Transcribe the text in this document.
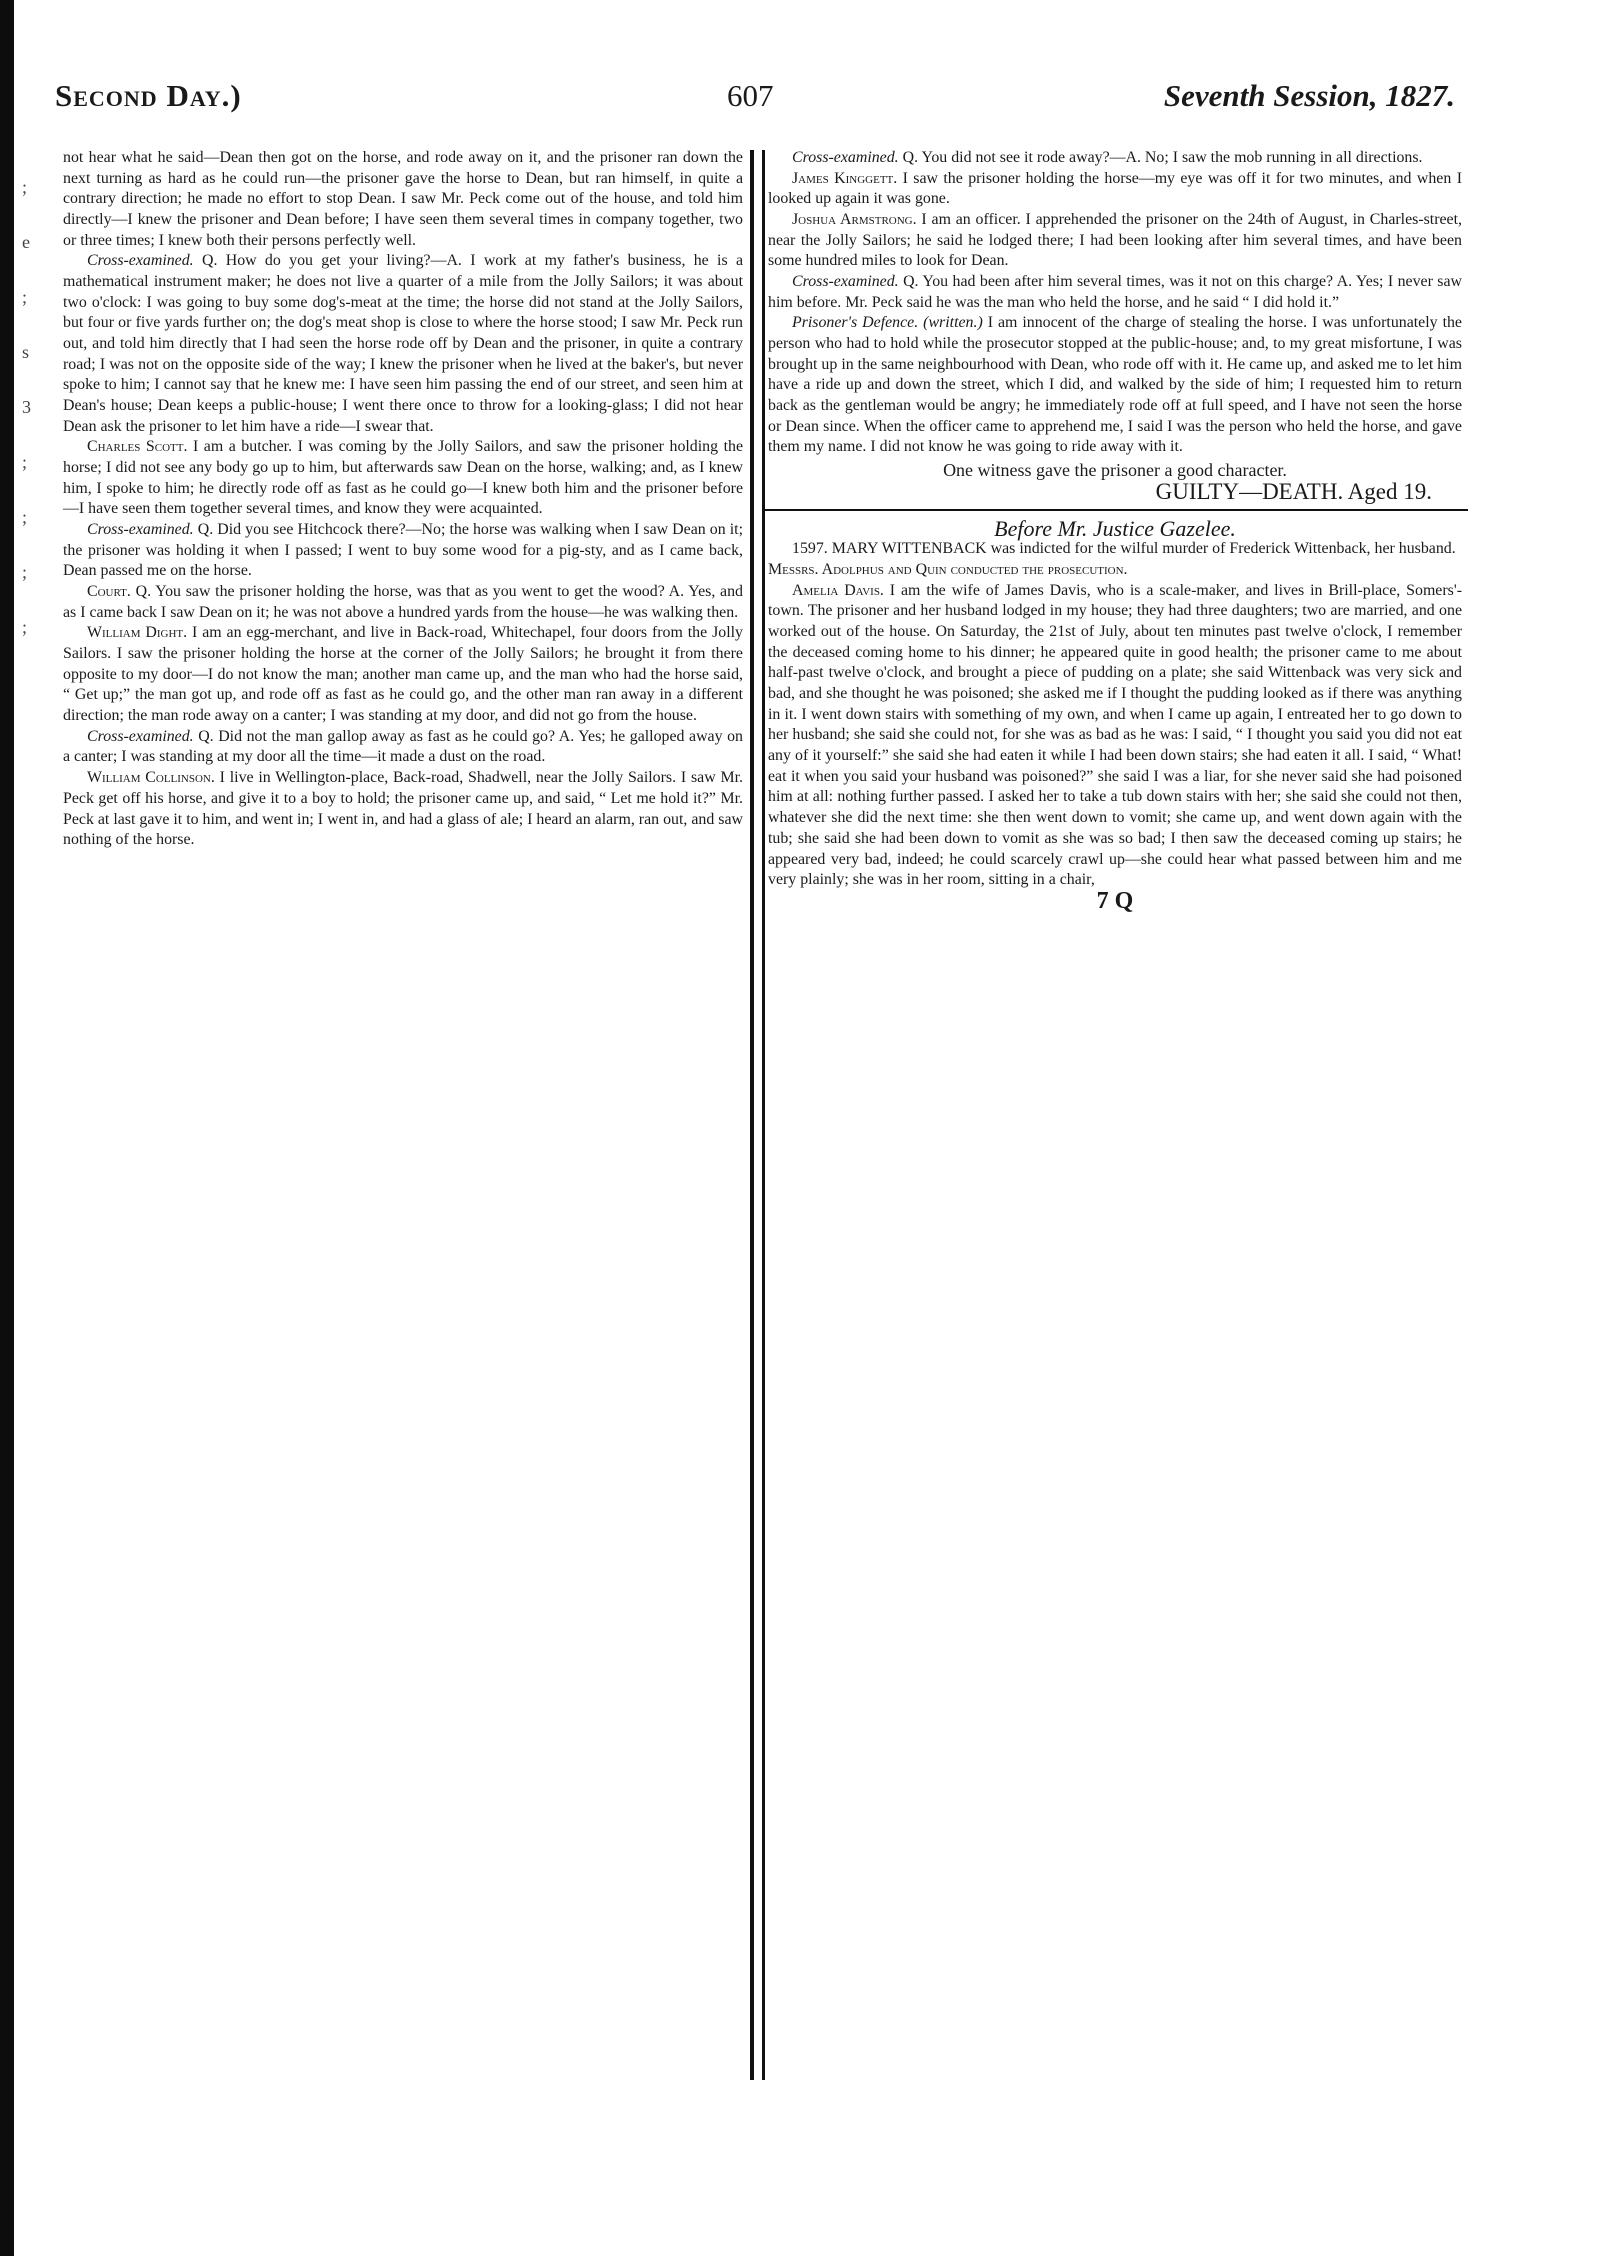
;
e
;
s
3
;
;
;
;
Second Day.)	607	Seventh Session, 1827.

not hear what he said—Dean then got on the horse, and rode away on it, and the prisoner ran down the next turning as hard as he could run—the prisoner gave the horse to Dean, but ran himself, in quite a contrary direction; he made no effort to stop Dean. I saw Mr. Peck come out of the house, and told him directly—I knew the prisoner and Dean before; I have seen them several times in company together, two or three times; I knew both their persons perfectly well.

Cross-examined. Q. How do you get your living?—A. I work at my father's business, he is a mathematical instrument maker; he does not live a quarter of a mile from the Jolly Sailors; it was about two o'clock: I was going to buy some dog's-meat at the time; the horse did not stand at the Jolly Sailors, but four or five yards further on; the dog's meat shop is close to where the horse stood; I saw Mr. Peck run out, and told him directly that I had seen the horse rode off by Dean and the prisoner, in quite a contrary road; I was not on the opposite side of the way; I knew the prisoner when he lived at the baker's, but never spoke to him; I cannot say that he knew me: I have seen him passing the end of our street, and seen him at Dean's house; Dean keeps a public-house; I went there once to throw for a looking-glass; I did not hear Dean ask the prisoner to let him have a ride—I swear that.

Charles Scott. I am a butcher. I was coming by the Jolly Sailors, and saw the prisoner holding the horse; I did not see any body go up to him, but afterwards saw Dean on the horse, walking; and, as I knew him, I spoke to him; he directly rode off as fast as he could go—I knew both him and the prisoner before—I have seen them together several times, and know they were acquainted.

Cross-examined. Q. Did you see Hitchcock there?—No; the horse was walking when I saw Dean on it; the prisoner was holding it when I passed; I went to buy some wood for a pig-sty, and as I came back, Dean passed me on the horse.

Court. Q. You saw the prisoner holding the horse, was that as you went to get the wood? A. Yes, and as I came back I saw Dean on it; he was not above a hundred yards from the house—he was walking then.

William Dight. I am an egg-merchant, and live in Back-road, Whitechapel, four doors from the Jolly Sailors. I saw the prisoner holding the horse at the corner of the Jolly Sailors; he brought it from there opposite to my door—I do not know the man; another man came up, and the man who had the horse said, “ Get up;” the man got up, and rode off as fast as he could go, and the other man ran away in a different direction; the man rode away on a canter; I was standing at my door, and did not go from the house.

Cross-examined. Q. Did not the man gallop away as fast as he could go? A. Yes; he galloped away on a canter; I was standing at my door all the time—it made a dust on the road.

William Collinson. I live in Wellington-place, Back-road, Shadwell, near the Jolly Sailors. I saw Mr. Peck get off his horse, and give it to a boy to hold; the prisoner came up, and said, “ Let me hold it?” Mr. Peck at last gave it to him, and went in; I went in, and had a glass of ale; I heard an alarm, ran out, and saw nothing of the horse.

Cross-examined. Q. You did not see it rode away?—A. No; I saw the mob running in all directions.

James Kinggett. I saw the prisoner holding the horse—my eye was off it for two minutes, and when I looked up again it was gone.

Joshua Armstrong. I am an officer. I apprehended the prisoner on the 24th of August, in Charles-street, near the Jolly Sailors; he said he lodged there; I had been looking after him several times, and have been some hundred miles to look for Dean.

Cross-examined. Q. You had been after him several times, was it not on this charge? A. Yes; I never saw him before. Mr. Peck said he was the man who held the horse, and he said “ I did hold it.”

Prisoner's Defence. (written.) I am innocent of the charge of stealing the horse. I was unfortunately the person who had to hold while the prosecutor stopped at the public-house; and, to my great misfortune, I was brought up in the same neighbourhood with Dean, who rode off with it. He came up, and asked me to let him have a ride up and down the street, which I did, and walked by the side of him; I requested him to return back as the gentleman would be angry; he immediately rode off at full speed, and I have not seen the horse or Dean since. When the officer came to apprehend me, I said I was the person who held the horse, and gave them my name. I did not know he was going to ride away with it.

One witness gave the prisoner a good character.

GUILTY—DEATH. Aged 19.

Before Mr. Justice Gazelee.

1597. MARY WITTENBACK was indicted for the wilful murder of Frederick Wittenback, her husband.

Messrs. Adolphus and Quin conducted the prosecution.

Amelia Davis. I am the wife of James Davis, who is a scale-maker, and lives in Brill-place, Somers'-town. The prisoner and her husband lodged in my house; they had three daughters; two are married, and one worked out of the house. On Saturday, the 21st of July, about ten minutes past twelve o'clock, I remember the deceased coming home to his dinner; he appeared quite in good health; the prisoner came to me about half-past twelve o'clock, and brought a piece of pudding on a plate; she said Wittenback was very sick and bad, and she thought he was poisoned; she asked me if I thought the pudding looked as if there was anything in it. I went down stairs with something of my own, and when I came up again, I entreated her to go down to her husband; she said she could not, for she was as bad as he was: I said, “ I thought you said you did not eat any of it yourself:” she said she had eaten it while I had been down stairs; she had eaten it all. I said, “ What! eat it when you said your husband was poisoned?” she said I was a liar, for she never said she had poisoned him at all: nothing further passed. I asked her to take a tub down stairs with her; she said she could not then, whatever she did the next time: she then went down to vomit; she came up, and went down again with the tub; she said she had been down to vomit as she was so bad; I then saw the deceased coming up stairs; he appeared very bad, indeed; he could scarcely crawl up—she could hear what passed between him and me very plainly; she was in her room, sitting in a chair,

7 Q
